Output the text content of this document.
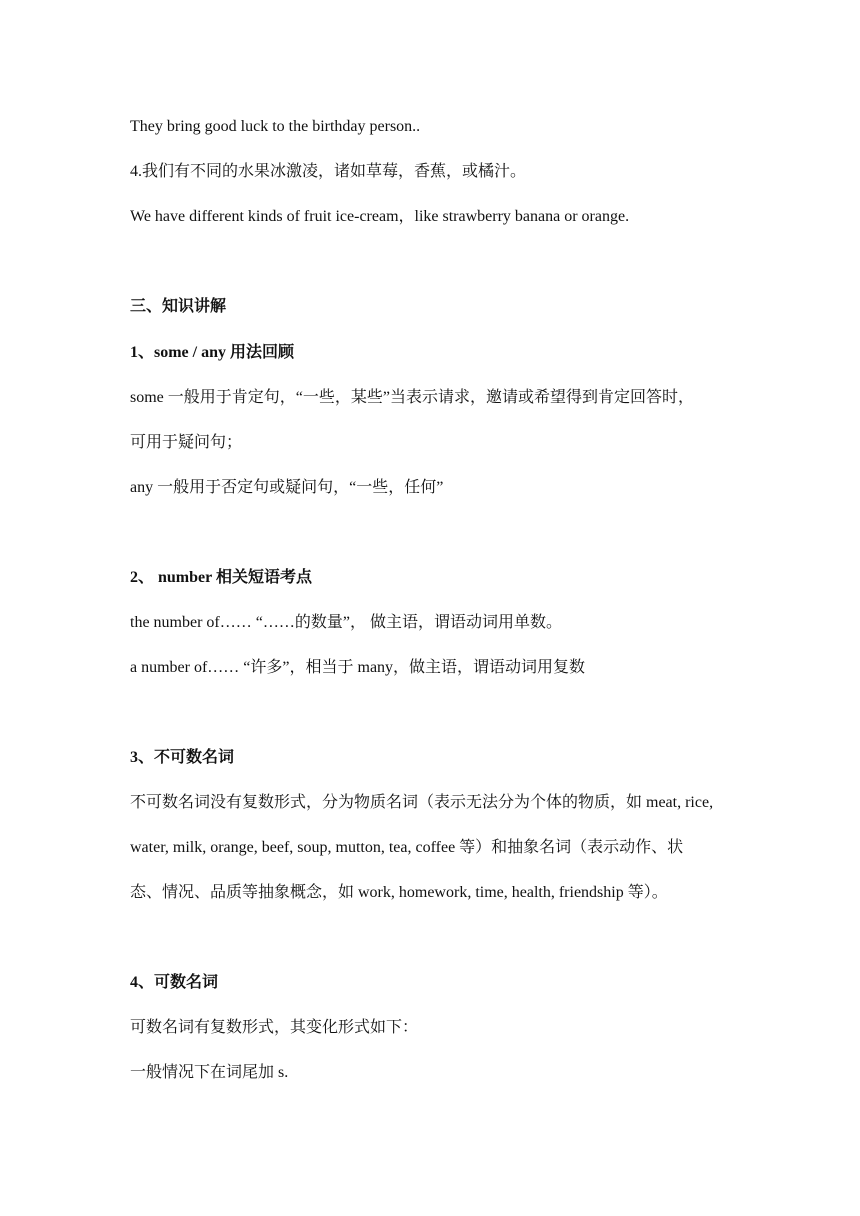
They bring good luck to the birthday person..
4.我们有不同的水果冰激凌，诸如草莓，香蕉，或橘汁。
We have different kinds of fruit ice-cream，like strawberry banana or orange.
三、知识讲解
1、some / any 用法回顾
some 一般用于肯定句，“一些，某些”当表示请求，邀请或希望得到肯定回答时，
可用于疑问句；
any 一般用于否定句或疑问句，“一些，任何”
2、 number 相关短语考点
the number of…… “……的数量”， 做主语，谓语动词用单数。
a number of…… “许多”，相当于 many，做主语，谓语动词用复数
3、不可数名词
不可数名词没有复数形式，分为物质名词（表示无法分为个体的物质，如 meat, rice,
water, milk, orange, beef, soup, mutton, tea, coffee 等）和抽象名词（表示动作、状
态、情况、品质等抽象概念，如 work, homework, time, health, friendship 等）。
4、可数名词
可数名词有复数形式，其变化形式如下：
一般情况下在词尾加 s.
